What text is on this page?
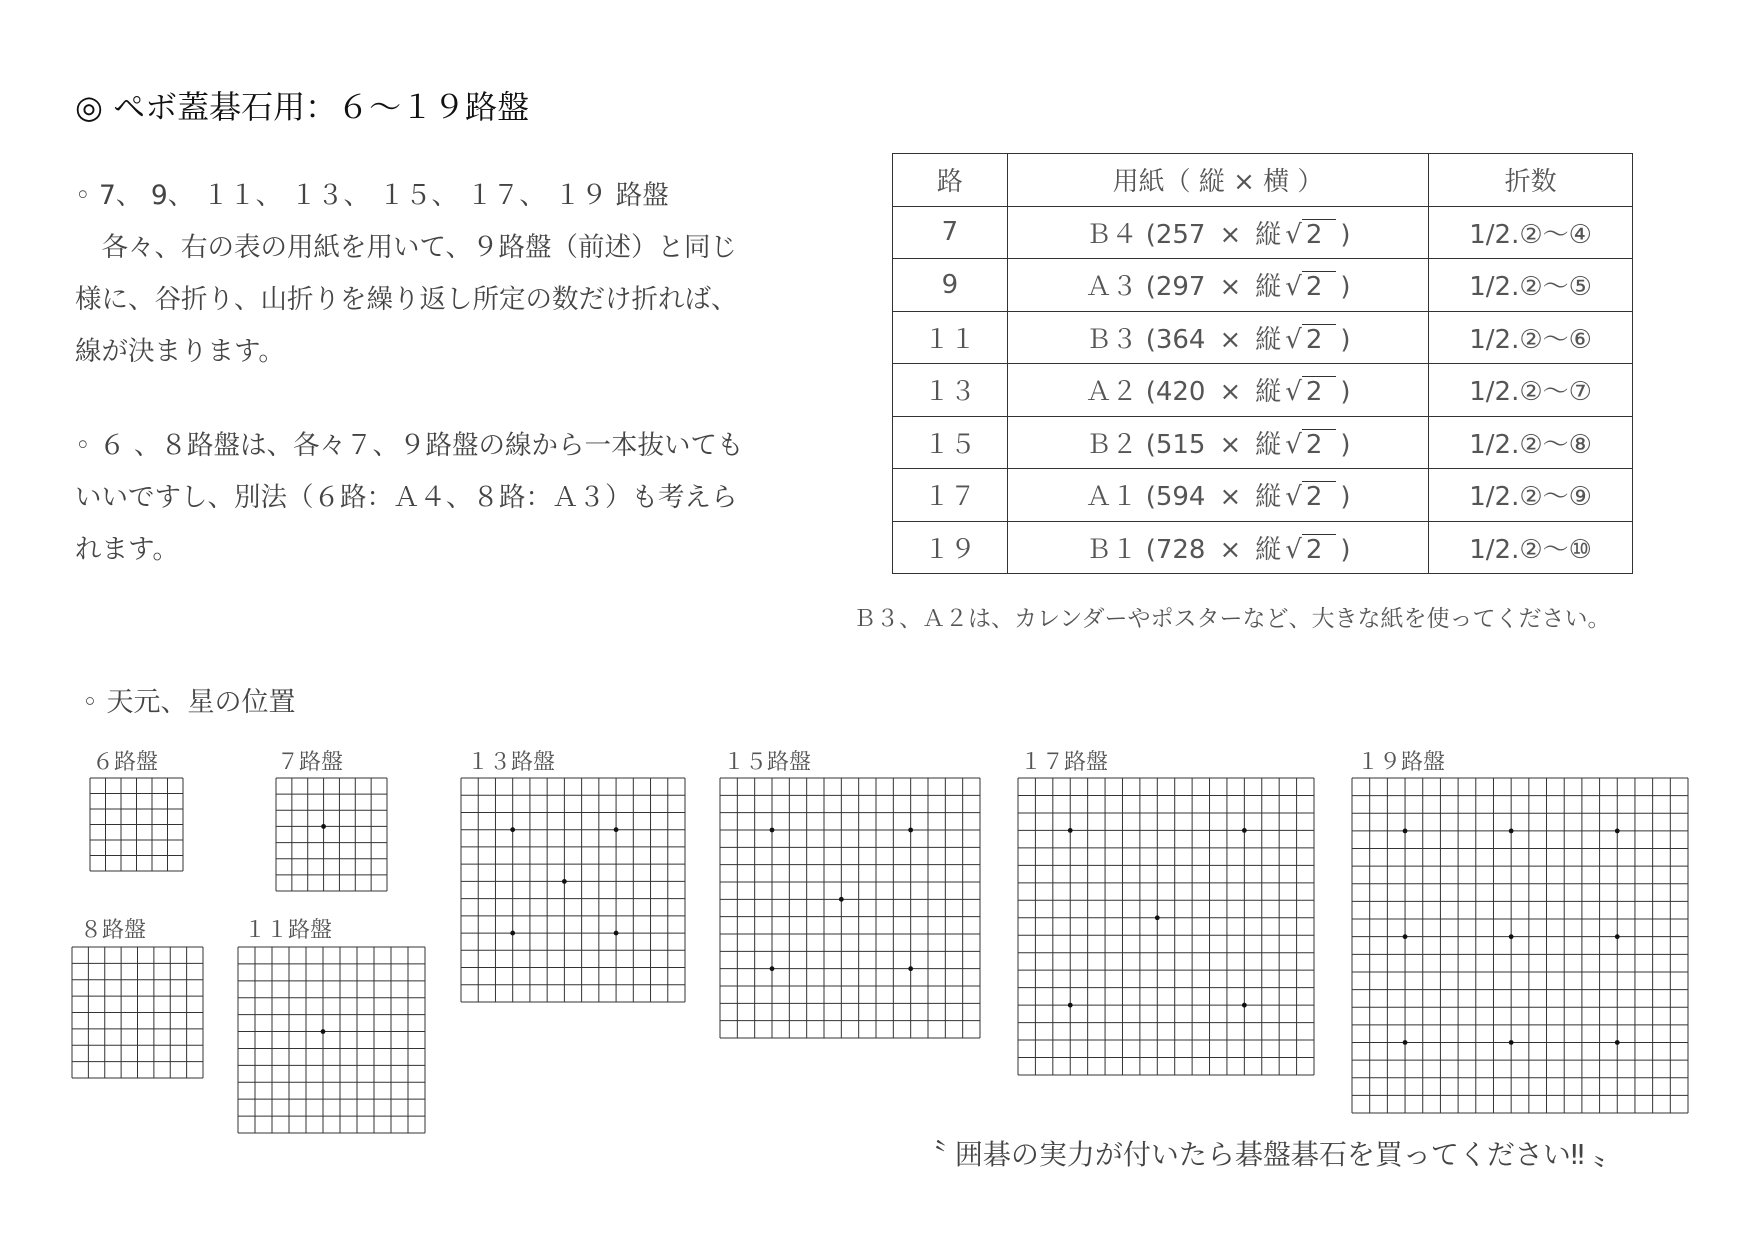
◎ ペボ蓋碁石用：６～１９路盤
◦ 7、 9、 １１、 １３、 １５、 １７、 １９ 路盤
　各々、右の表の用紙を用いて、９路盤（前述）と同じ
様に、谷折り、山折りを繰り返し所定の数だけ折れば、
線が決まります。
◦ ６ 、８路盤は、各々７、９路盤の線から一本抜いても
いいですし、別法（６路：Ａ４、８路：Ａ３）も考えら
れます。
路	用紙（ 縦 × 横 ）	折数
7	Ｂ４ (257 × 縦 √ 2 )	1/2.②～④
9	Ａ３ (297 × 縦 √ 2 )	1/2.②～⑤
１１	Ｂ３ (364 × 縦 √ 2 )	1/2.②～⑥
１３	Ａ２ (420 × 縦 √ 2 )	1/2.②～⑦
１５	Ｂ２ (515 × 縦 √ 2 )	1/2.②～⑧
１７	Ａ１ (594 × 縦 √ 2 )	1/2.②～⑨
１９	Ｂ１ (728 × 縦 √ 2 )	1/2.②～⑩
Ｂ３、Ａ２は、カレンダーやポスターなど、大きな紙を使ってください。
◦ 天元、星の位置
６路盤	７路盤
８路盤	１１路盤
１３路盤	１５路盤	１７路盤	１９路盤
〝 囲碁の実力が付いたら碁盤碁石を買ってください‼ 〟
